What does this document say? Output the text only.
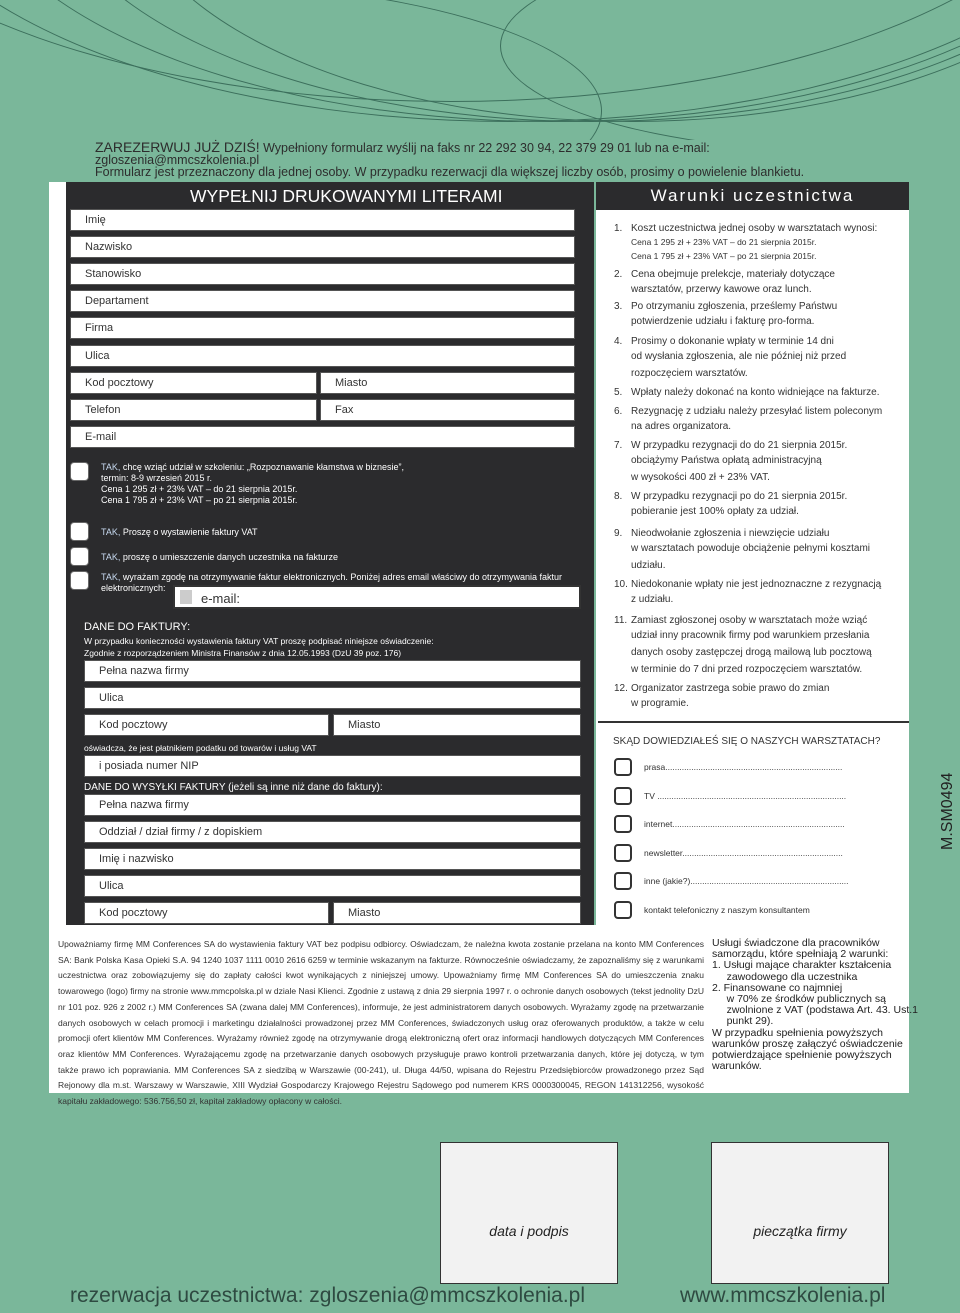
ZAREZERWUJ JUŻ DZIŚ! Wypełniony formularz wyślij na faks nr 22 292 30 94, 22 379 29 01 lub na e-mail: zgloszenia@mmcszkolenia.pl
Formularz jest przeznaczony dla jednej osoby. W przypadku rezerwacji dla większej liczby osób, prosimy o powielenie blankietu.
WYPEŁNIJ DRUKOWANYMI LITERAMI
Imię
Nazwisko
Stanowisko
Departament
Firma
Ulica
Kod pocztowy	Miasto
Telefon	Fax
E-mail
TAK, chcę wziąć udział w szkoleniu: „Rozpoznawanie kłamstwa w biznesie”,
termin: 8-9 wrzesień 2015 r.
Cena 1 295 zł + 23% VAT – do 21 sierpnia 2015r.
Cena 1 795 zł + 23% VAT – po 21 sierpnia 2015r.
TAK, Proszę o wystawienie faktury VAT
TAK, proszę o umieszczenie danych uczestnika na fakturze
TAK, wyrażam zgodę na otrzymywanie faktur elektronicznych. Poniżej adres email właściwy do otrzymywania faktur
elektronicznych:
e-mail:
DANE DO FAKTURY:
W przypadku konieczności wystawienia faktury VAT proszę podpisać niniejsze oświadczenie:
Zgodnie z rozporządzeniem Ministra Finansów z dnia 12.05.1993 (DzU 39 poz. 176)
Pełna nazwa firmy
Ulica
Kod pocztowy	Miasto
oświadcza, że jest płatnikiem podatku od towarów i usług VAT
i posiada numer NIP
DANE DO WYSYŁKI FAKTURY (jeżeli są inne niż dane do faktury):
Pełna nazwa firmy
Oddział / dział firmy / z dopiskiem
Imię i nazwisko
Ulica
Kod pocztowy	Miasto
Warunki uczestnictwa
1. Koszt uczestnictwa jednej osoby w warsztatach wynosi:
Cena 1 295 zł + 23% VAT – do 21 sierpnia 2015r.
Cena 1 795 zł + 23% VAT – po 21 sierpnia 2015r.
2. Cena obejmuje prelekcje, materiały dotyczące
warsztatów, przerwy kawowe oraz lunch.
3. Po otrzymaniu zgłoszenia, prześlemy Państwu
potwierdzenie udziału i fakturę pro-forma.
4. Prosimy o dokonanie wpłaty w terminie 14 dni
od wysłania zgłoszenia, ale nie później niż przed
rozpoczęciem warsztatów.
5. Wpłaty należy dokonać na konto widniejące na fakturze.
6. Rezygnację z udziału należy przesyłać listem poleconym
na adres organizatora.
7. W przypadku rezygnacji do do 21 sierpnia 2015r.
obciążymy Państwa opłatą administracyjną
w wysokości 400 zł + 23% VAT.
8. W przypadku rezygnacji po do 21 sierpnia 2015r.
pobieranie jest 100% opłaty za udział.
9. Nieodwołanie zgłoszenia i niewzięcie udziału
w warsztatach powoduje obciążenie pełnymi kosztami
udziału.
10. Niedokonanie wpłaty nie jest jednoznaczne z rezygnacją
z udziału.
11. Zamiast zgłoszonej osoby w warsztatach może wziąć
udział inny pracownik firmy pod warunkiem przesłania
danych osoby zastępczej drogą mailową lub pocztową
w terminie do 7 dni przed rozpoczęciem warsztatów.
12. Organizator zastrzega sobie prawo do zmian
w programie.
SKĄD DOWIEDZIAŁEŚ SIĘ O NASZYCH WARSZTATACH?
prasa...........................................................................
TV ................................................................................
internet.........................................................................
newsletter....................................................................
inne (jakie?)...................................................................
kontakt telefoniczny z naszym konsultantem
M.SM0494
Upoważniamy firmę MM Conferences SA do wystawienia faktury VAT bez podpisu odbiorcy. Oświadczam, że należna kwota zostanie przelana na konto MM Conferences SA: Bank Polska Kasa Opieki S.A. 94 1240 1037 1111 0010 2616 6259 w terminie wskazanym na fakturze. Równocześnie oświadczamy, że zapoznaliśmy się z warunkami uczestnictwa oraz zobowiązujemy się do zapłaty całości kwot wynikających z niniejszej umowy. Upoważniamy firmę MM Conferences SA do umieszczenia znaku towarowego (logo) firmy na stronie www.mmcpolska.pl w dziale Nasi Klienci. Zgodnie z ustawą z dnia 29 sierpnia 1997 r. o ochronie danych osobowych (tekst jednolity DzU nr 101 poz. 926 z 2002 r.) MM Conferences SA (zwana dalej MM Conferences), informuje, że jest administratorem danych osobowych. Wyrażamy zgodę na przetwarzanie danych osobowych w celach promocji i marketingu działalności prowadzonej przez MM Conferences, świadczonych usług oraz oferowanych produktów, a także w celu promocji ofert klientów MM Conferences. Wyrażamy również zgodę na otrzymywanie drogą elektroniczną ofert oraz informacji handlowych dotyczących MM Conferences oraz klientów MM Conferences. Wyrażającemu zgodę na przetwarzanie danych osobowych przysługuje prawo kontroli przetwarzania danych, które jej dotyczą, w tym także prawo ich poprawiania. MM Conferences SA z siedzibą w Warszawie (00-241), ul. Długa 44/50, wpisana do Rejestru Przedsiębiorców prowadzonego przez Sąd Rejonowy dla m.st. Warszawy w Warszawie, XIII Wydział Gospodarczy Krajowego Rejestru Sądowego pod numerem KRS 0000300045, REGON 141312256, wysokość kapitału zakładowego: 536.756,50 zł, kapitał zakładowy opłacony w całości.
Usługi świadczone dla pracowników
samorządu, które spełniają 2 warunki:
1. Usługi mające charakter kształcenia
zawodowego dla uczestnika
2. Finansowane co najmniej
w 70% ze środków publicznych są
zwolnione z VAT (podstawa Art. 43. Ust.1
punkt 29).
W przypadku spełnienia powyższych
warunków proszę załączyć oświadczenie
potwierdzające spełnienie powyższych
warunków.
data i podpis	pieczątka firmy
rezerwacja uczestnictwa: zgloszenia@mmcszkolenia.pl	www.mmcszkolenia.pl
